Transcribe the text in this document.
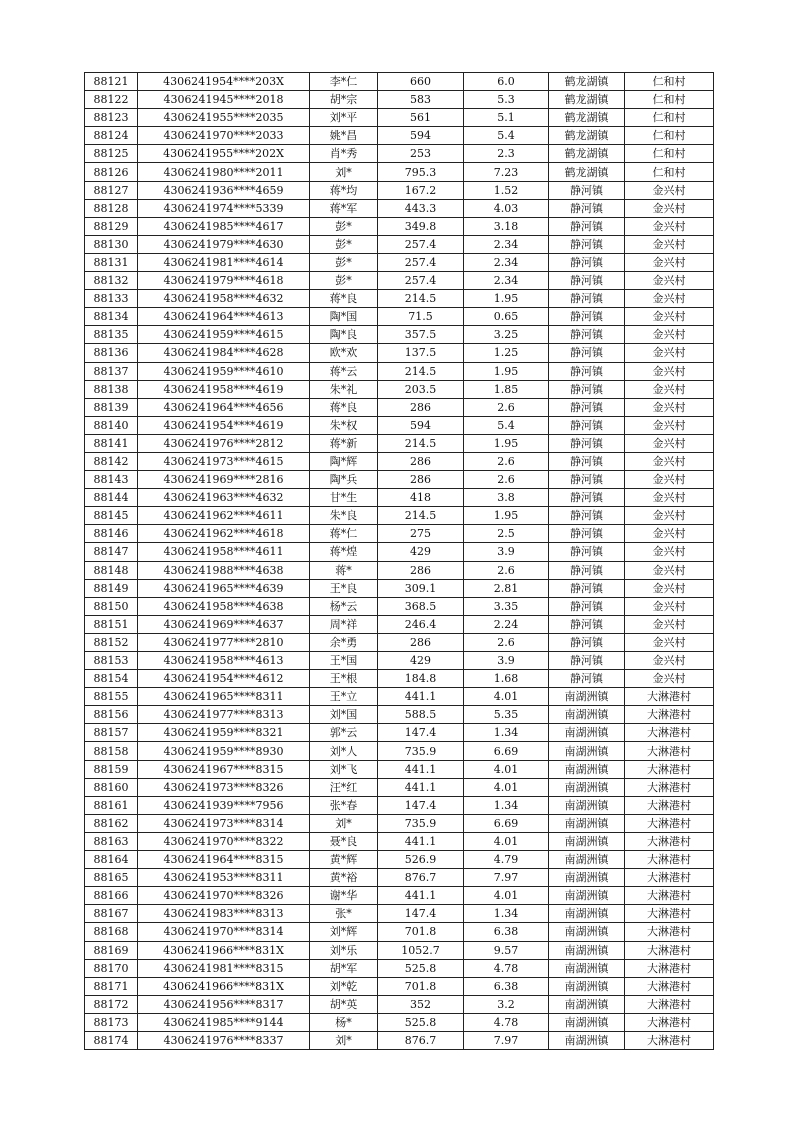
88121	4306241954****203X	李*仁	660	6.0	鹤龙湖镇	仁和村
88122	4306241945****2018	胡*宗	583	5.3	鹤龙湖镇	仁和村
88123	4306241955****2035	刘*平	561	5.1	鹤龙湖镇	仁和村
88124	4306241970****2033	姚*昌	594	5.4	鹤龙湖镇	仁和村
88125	4306241955****202X	肖*秀	253	2.3	鹤龙湖镇	仁和村
88126	4306241980****2011	刘*	795.3	7.23	鹤龙湖镇	仁和村
88127	4306241936****4659	蒋*均	167.2	1.52	静河镇	金兴村
88128	4306241974****5339	蒋*军	443.3	4.03	静河镇	金兴村
88129	4306241985****4617	彭*	349.8	3.18	静河镇	金兴村
88130	4306241979****4630	彭*	257.4	2.34	静河镇	金兴村
88131	4306241981****4614	彭*	257.4	2.34	静河镇	金兴村
88132	4306241979****4618	彭*	257.4	2.34	静河镇	金兴村
88133	4306241958****4632	蒋*良	214.5	1.95	静河镇	金兴村
88134	4306241964****4613	陶*国	71.5	0.65	静河镇	金兴村
88135	4306241959****4615	陶*良	357.5	3.25	静河镇	金兴村
88136	4306241984****4628	欧*欢	137.5	1.25	静河镇	金兴村
88137	4306241959****4610	蒋*云	214.5	1.95	静河镇	金兴村
88138	4306241958****4619	朱*礼	203.5	1.85	静河镇	金兴村
88139	4306241964****4656	蒋*良	286	2.6	静河镇	金兴村
88140	4306241954****4619	朱*权	594	5.4	静河镇	金兴村
88141	4306241976****2812	蒋*新	214.5	1.95	静河镇	金兴村
88142	4306241973****4615	陶*辉	286	2.6	静河镇	金兴村
88143	4306241969****2816	陶*兵	286	2.6	静河镇	金兴村
88144	4306241963****4632	甘*生	418	3.8	静河镇	金兴村
88145	4306241962****4611	朱*良	214.5	1.95	静河镇	金兴村
88146	4306241962****4618	蒋*仁	275	2.5	静河镇	金兴村
88147	4306241958****4611	蒋*煌	429	3.9	静河镇	金兴村
88148	4306241988****4638	蒋*	286	2.6	静河镇	金兴村
88149	4306241965****4639	王*良	309.1	2.81	静河镇	金兴村
88150	4306241958****4638	杨*云	368.5	3.35	静河镇	金兴村
88151	4306241969****4637	周*祥	246.4	2.24	静河镇	金兴村
88152	4306241977****2810	余*勇	286	2.6	静河镇	金兴村
88153	4306241958****4613	王*国	429	3.9	静河镇	金兴村
88154	4306241954****4612	王*根	184.8	1.68	静河镇	金兴村
88155	4306241965****8311	王*立	441.1	4.01	南湖洲镇	大淋港村
88156	4306241977****8313	刘*国	588.5	5.35	南湖洲镇	大淋港村
88157	4306241959****8321	郭*云	147.4	1.34	南湖洲镇	大淋港村
88158	4306241959****8930	刘*人	735.9	6.69	南湖洲镇	大淋港村
88159	4306241967****8315	刘*飞	441.1	4.01	南湖洲镇	大淋港村
88160	4306241973****8326	汪*红	441.1	4.01	南湖洲镇	大淋港村
88161	4306241939****7956	张*春	147.4	1.34	南湖洲镇	大淋港村
88162	4306241973****8314	刘*	735.9	6.69	南湖洲镇	大淋港村
88163	4306241970****8322	聂*良	441.1	4.01	南湖洲镇	大淋港村
88164	4306241964****8315	黄*辉	526.9	4.79	南湖洲镇	大淋港村
88165	4306241953****8311	黄*裕	876.7	7.97	南湖洲镇	大淋港村
88166	4306241970****8326	谢*华	441.1	4.01	南湖洲镇	大淋港村
88167	4306241983****8313	张*	147.4	1.34	南湖洲镇	大淋港村
88168	4306241970****8314	刘*辉	701.8	6.38	南湖洲镇	大淋港村
88169	4306241966****831X	刘*乐	1052.7	9.57	南湖洲镇	大淋港村
88170	4306241981****8315	胡*军	525.8	4.78	南湖洲镇	大淋港村
88171	4306241966****831X	刘*乾	701.8	6.38	南湖洲镇	大淋港村
88172	4306241956****8317	胡*英	352	3.2	南湖洲镇	大淋港村
88173	4306241985****9144	杨*	525.8	4.78	南湖洲镇	大淋港村
88174	4306241976****8337	刘*	876.7	7.97	南湖洲镇	大淋港村
